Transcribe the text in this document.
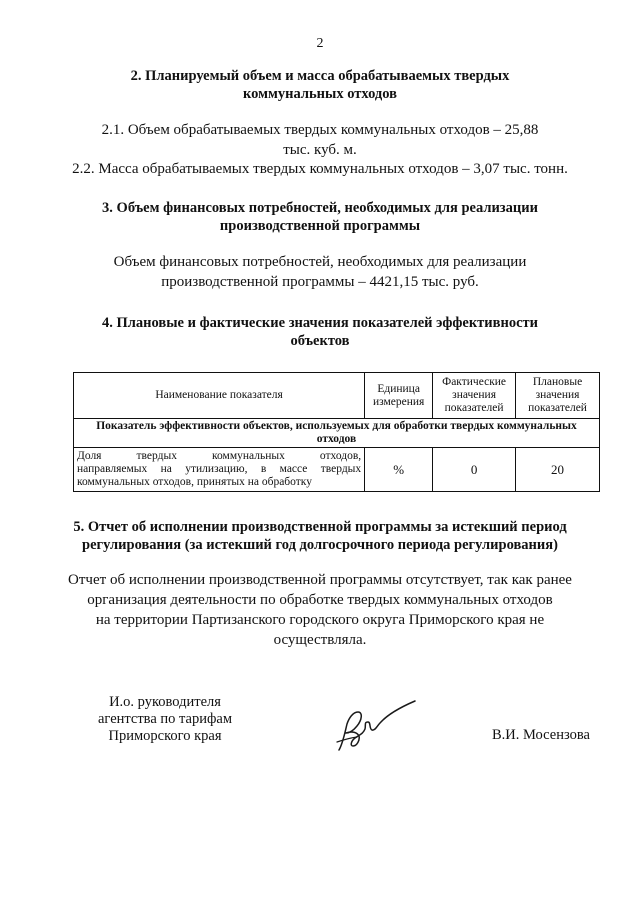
2
2. Планируемый объем и масса обрабатываемых твердых
коммунальных отходов
2.1. Объем обрабатываемых твердых коммунальных отходов – 25,88
тыс. куб. м.
2.2. Масса обрабатываемых твердых коммунальных отходов – 3,07 тыс. тонн.
3. Объем финансовых потребностей, необходимых для реализации
производственной программы
Объем финансовых потребностей, необходимых для реализации
производственной программы – 4421,15 тыс. руб.
4. Плановые и фактические значения показателей эффективности
объектов
Наименование показателя	Единица измерения	Фактические значения показателей	Плановые значения показателей
Показатель эффективности объектов, используемых для обработки твердых коммунальных отходов			

Доля твердых коммунальных отходов,
направляемых на утилизацию, в массе твердых
коммунальных отходов, принятых на обработку	%	0	20
5. Отчет об исполнении производственной программы за истекший период
регулирования (за истекший год долгосрочного периода регулирования)
Отчет об исполнении производственной программы отсутствует, так как ранее
организация деятельности по обработке твердых коммунальных отходов
на территории Партизанского городского округа Приморского края не
осуществляла.
И.о. руководителя
агентства по тарифам
Приморского края	В.И. Мосензова
